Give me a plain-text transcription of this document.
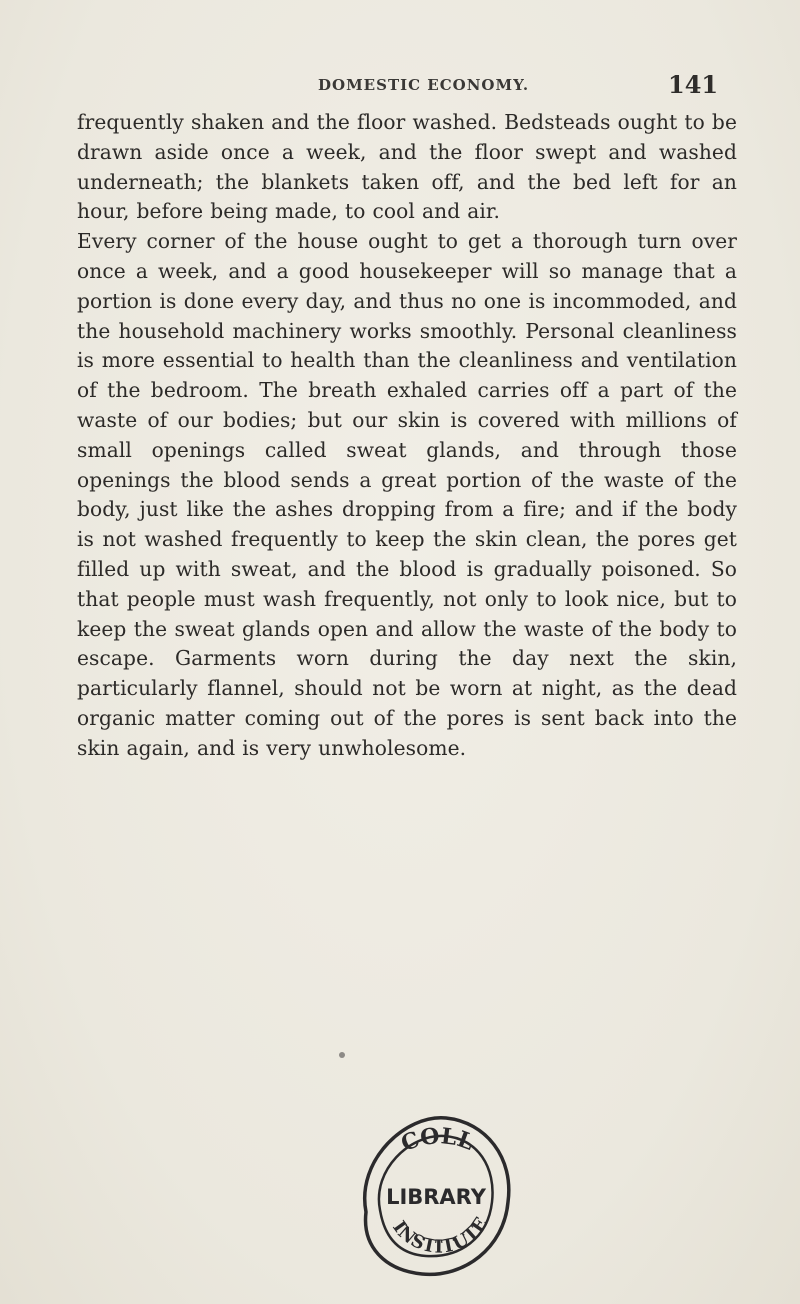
DOMESTIC ECONOMY.	141

frequently shaken and the floor washed. Bedsteads ought to be drawn aside once a week, and the floor swept and washed underneath; the blankets taken off, and the bed left for an hour, before being made, to cool and air.

Every corner of the house ought to get a thorough turn over once a week, and a good housekeeper will so manage that a portion is done every day, and thus no one is incommoded, and the household machinery works smoothly. Personal cleanliness is more essential to health than the cleanliness and ventilation of the bedroom. The breath exhaled carries off a part of the waste of our bodies; but our skin is covered with millions of small openings called sweat glands, and through those openings the blood sends a great portion of the waste of the body, just like the ashes dropping from a fire; and if the body is not washed frequently to keep the skin clean, the pores get filled up with sweat, and the blood is gradually poisoned. So that people must wash frequently, not only to look nice, but to keep the sweat glands open and allow the waste of the body to escape. Garments worn during the day next the skin, particularly flannel, should not be worn at night, as the dead organic matter coming out of the pores is sent back into the skin again, and is very unwholesome.

COLL
LIBRARY
INSTITUTE
